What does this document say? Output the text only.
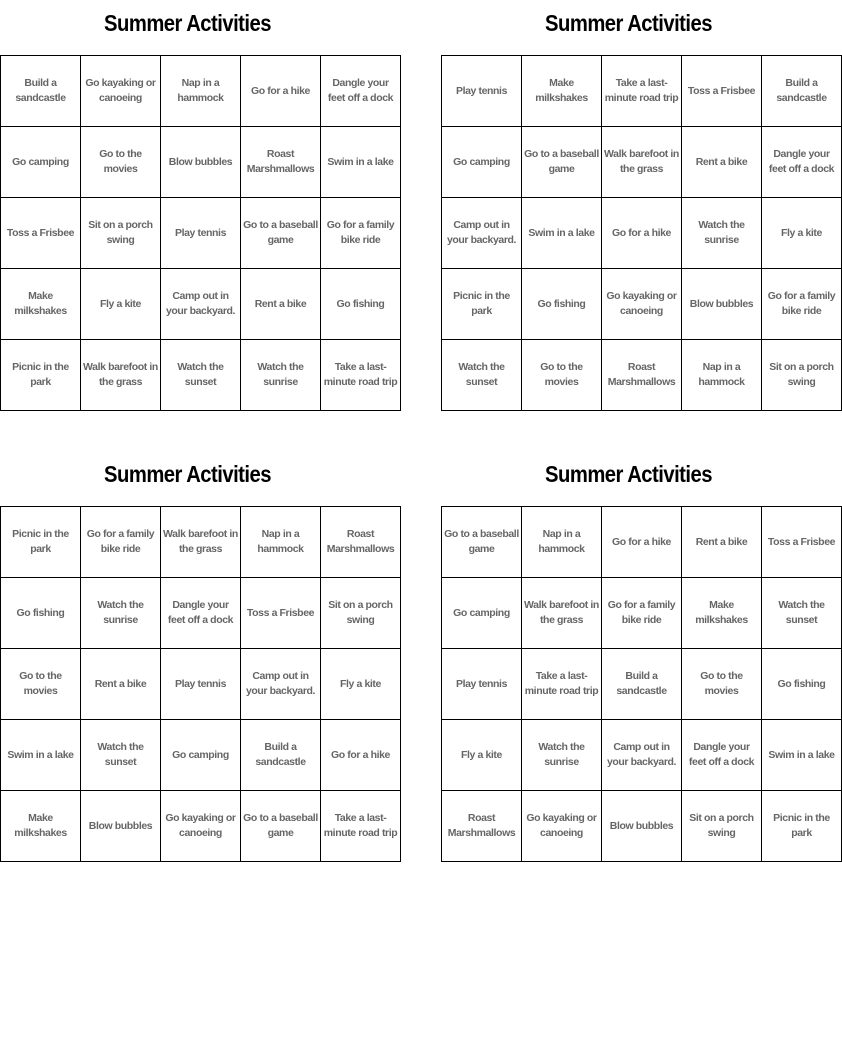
Summer Activities
Build a sandcastle	Go kayaking or canoeing	Nap in a hammock	Go for a hike	Dangle your feet off a dock
Go camping	Go to the movies	Blow bubbles	Roast Marshmallows	Swim in a lake
Toss a Frisbee	Sit on a porch swing	Play tennis	Go to a baseball game	Go for a family bike ride
Make milkshakes	Fly a kite	Camp out in your backyard.	Rent a bike	Go fishing
Picnic in the park	Walk barefoot in the grass	Watch the sunset	Watch the sunrise	Take a last-minute road trip
Summer Activities
Play tennis	Make milkshakes	Take a last-minute road trip	Toss a Frisbee	Build a sandcastle
Go camping	Go to a baseball game	Walk barefoot in the grass	Rent a bike	Dangle your feet off a dock
Camp out in your backyard.	Swim in a lake	Go for a hike	Watch the sunrise	Fly a kite
Picnic in the park	Go fishing	Go kayaking or canoeing	Blow bubbles	Go for a family bike ride
Watch the sunset	Go to the movies	Roast Marshmallows	Nap in a hammock	Sit on a porch swing
Summer Activities
Picnic in the park	Go for a family bike ride	Walk barefoot in the grass	Nap in a hammock	Roast Marshmallows
Go fishing	Watch the sunrise	Dangle your feet off a dock	Toss a Frisbee	Sit on a porch swing
Go to the movies	Rent a bike	Play tennis	Camp out in your backyard.	Fly a kite
Swim in a lake	Watch the sunset	Go camping	Build a sandcastle	Go for a hike
Make milkshakes	Blow bubbles	Go kayaking or canoeing	Go to a baseball game	Take a last-minute road trip
Summer Activities
Go to a baseball game	Nap in a hammock	Go for a hike	Rent a bike	Toss a Frisbee
Go camping	Walk barefoot in the grass	Go for a family bike ride	Make milkshakes	Watch the sunset
Play tennis	Take a last-minute road trip	Build a sandcastle	Go to the movies	Go fishing
Fly a kite	Watch the sunrise	Camp out in your backyard.	Dangle your feet off a dock	Swim in a lake
Roast Marshmallows	Go kayaking or canoeing	Blow bubbles	Sit on a porch swing	Picnic in the park
